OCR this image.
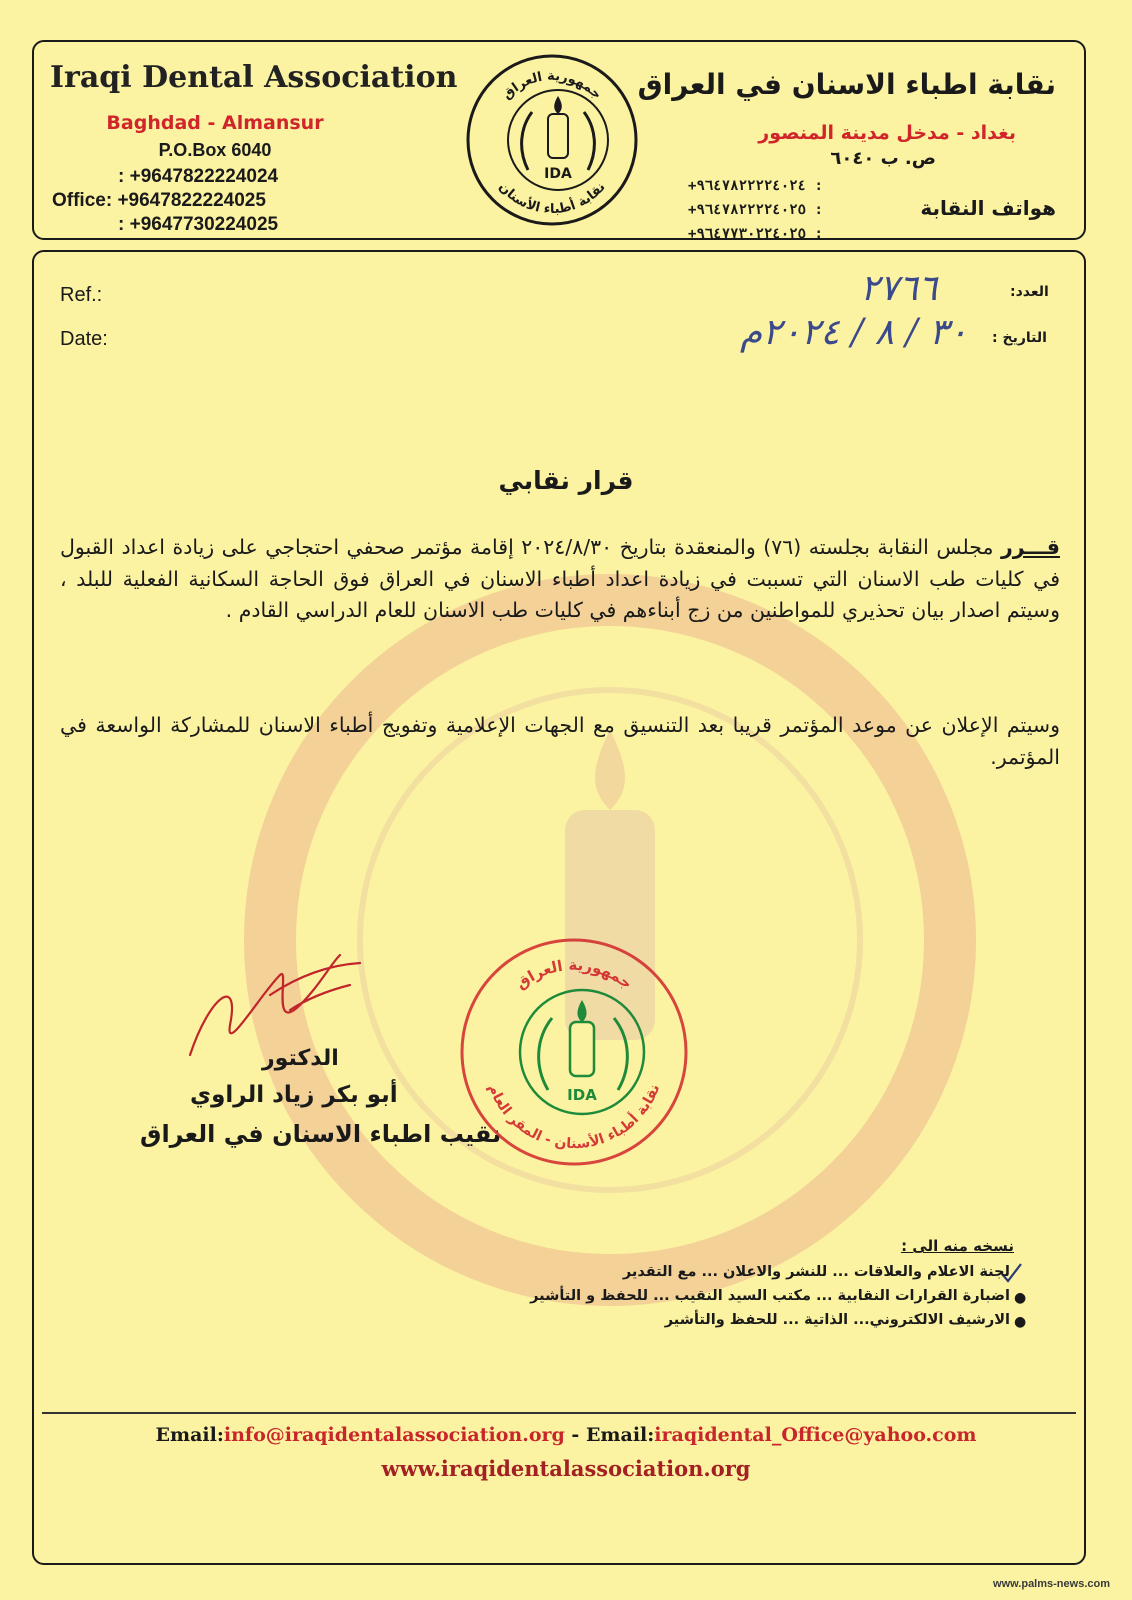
Iraqi Dental Association
Baghdad - Almansur
P.O.Box 6040
: +9647822224024
Office: +9647822224025
: +9647730224025
IDA
جمهورية العراق
نقابة أطباء الأسنان
نقابة اطباء الاسنان في العراق
بغداد - مدخل مدينة المنصور
ص. ب ٦٠٤٠
هواتف النقابة
+٩٦٤٧٨٢٢٢٢٤٠٢٤ :
+٩٦٤٧٨٢٢٢٢٤٠٢٥ :
+٩٦٤٧٧٣٠٢٢٤٠٢٥ :
Ref.:
Date:
العدد:
التاريخ :
٢٧٦٦
٣٠ / ٨ / ٢٠٢٤م
قرار نقابي
قـــرر مجلس النقابة بجلسته (٧٦) والمنعقدة بتاريخ ٢٠٢٤/٨/٣٠ إقامة مؤتمر صحفي احتجاجي على زيادة اعداد القبول في كليات طب الاسنان التي تسببت في زيادة اعداد أطباء الاسنان في العراق فوق الحاجة السكانية الفعلية للبلد ، وسيتم اصدار بيان تحذيري للمواطنين من زج أبناءهم في كليات طب الاسنان للعام الدراسي القادم .
وسيتم الإعلان عن موعد المؤتمر قريبا بعد التنسيق مع الجهات الإعلامية وتفويج أطباء الاسنان للمشاركة الواسعة في المؤتمر.
الدكتور
أبو بكر زياد الراوي
نقيب اطباء الاسنان في العراق
IDA
جمهورية العراق
نقابة أطباء الأسنان - المقر العام
نسخه منه الى :
لجنة الاعلام والعلاقات ... للنشر والاعلان ... مع التقدير
●
اضبارة القرارات النقابية ... مكتب السيد النقيب ... للحفظ و التأشير
●
الارشيف الالكتروني... الذاتية ... للحفظ والتأشير
Email:info@iraqidentalassociation.org - Email:iraqidental_Office@yahoo.com
www.iraqidentalassociation.org
www.palms-news.com
